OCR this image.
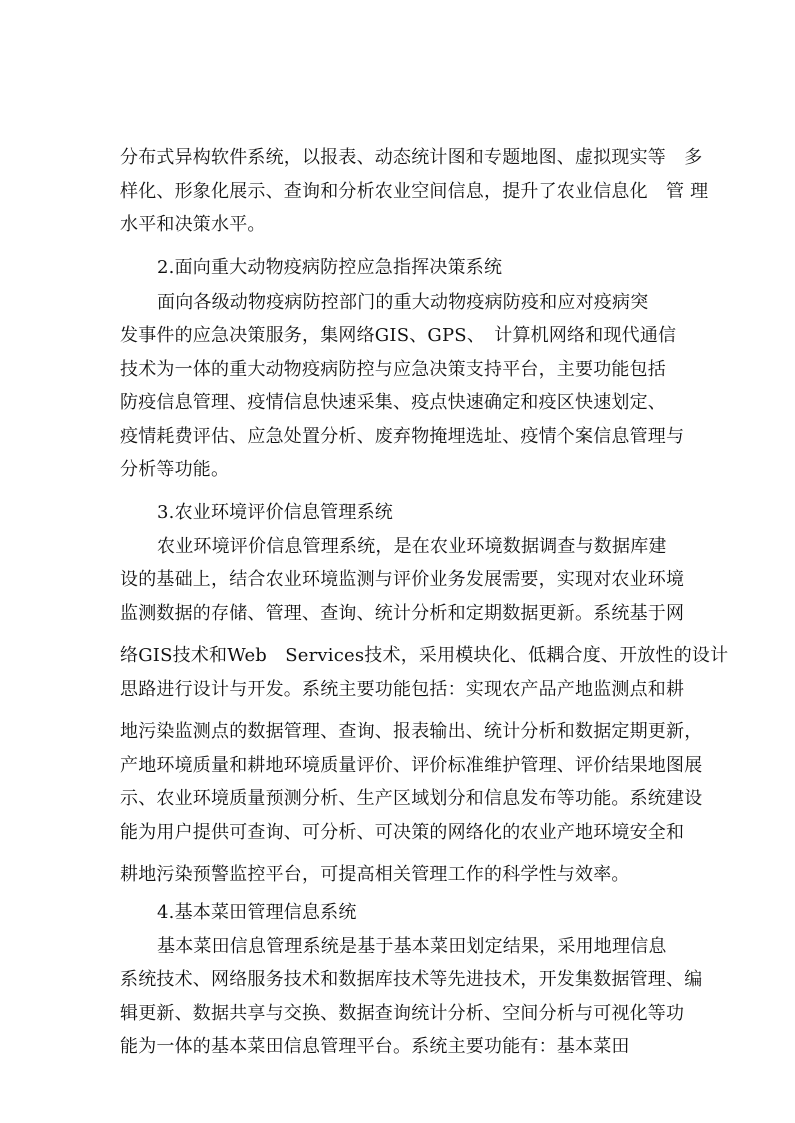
分布式异构软件系统，以报表、动态统计图和专题地图、虚拟现实等　多
样化、形象化展示、查询和分析农业空间信息，提升了农业信息化　管 理
水平和决策水平。
2.面向重大动物疫病防控应急指挥决策系统
面向各级动物疫病防控部门的重大动物疫病防疫和应对疫病突
发事件的应急决策服务，集网络GIS、GPS、　计算机网络和现代通信
技术为一体的重大动物疫病防控与应急决策支持平台，主要功能包括
防疫信息管理、疫情信息快速采集、疫点快速确定和疫区快速划定、
疫情耗费评估、应急处置分析、废弃物掩埋选址、疫情个案信息管理与
分析等功能。
3.农业环境评价信息管理系统
农业环境评价信息管理系统，是在农业环境数据调查与数据库建
设的基础上，结合农业环境监测与评价业务发展需要，实现对农业环境
监测数据的存储、管理、查询、统计分析和定期数据更新。系统基于网
络GIS技术和Web　Services技术，采用模块化、低耦合度、开放性的设计
思路进行设计与开发。系统主要功能包括：实现农产品产地监测点和耕
地污染监测点的数据管理、查询、报表输出、统计分析和数据定期更新，
产地环境质量和耕地环境质量评价、评价标准维护管理、评价结果地图展
示、农业环境质量预测分析、生产区域划分和信息发布等功能。系统建设
能为用户提供可查询、可分析、可决策的网络化的农业产地环境安全和
耕地污染预警监控平台，可提高相关管理工作的科学性与效率。
4.基本菜田管理信息系统
基本菜田信息管理系统是基于基本菜田划定结果，采用地理信息
系统技术、网络服务技术和数据库技术等先进技术，开发集数据管理、编
辑更新、数据共享与交换、数据查询统计分析、空间分析与可视化等功
能为一体的基本菜田信息管理平台。系统主要功能有：基本菜田
